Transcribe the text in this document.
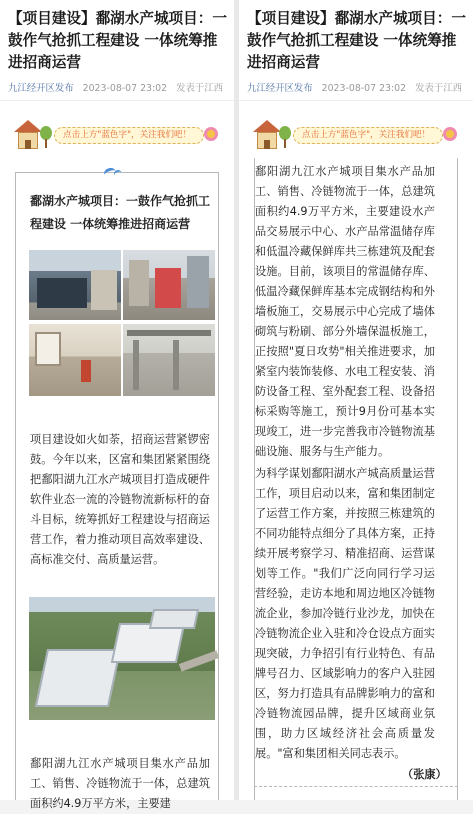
【项目建设】鄱湖水产城项目：一鼓作气抢抓工程建设 一体统筹推进招商运营
九江经开区发布 2023-08-07 23:02 发表于江西
点击上方"蓝色字"，关注我们吧！
鄱湖水产城项目：一鼓作气抢抓工程建设 一体统筹推进招商运营
项目建设如火如荼，招商运营紧锣密鼓。今年以来，区富和集团紧紧围绕把鄱阳湖九江水产城项目打造成硬件软件业态一流的冷链物流新标杆的奋斗目标，统筹抓好工程建设与招商运营工作，着力推动项目高效率建设、高标准交付、高质量运营。
鄱阳湖九江水产城项目集水产品加工、销售、冷链物流于一体，总建筑面积约4.9万平方米，主要建
【项目建设】鄱湖水产城项目：一鼓作气抢抓工程建设 一体统筹推进招商运营
九江经开区发布 2023-08-07 23:02 发表于江西
点击上方"蓝色字"，关注我们吧！
鄱阳湖九江水产城项目集水产品加工、销售、冷链物流于一体，总建筑面积约4.9万平方米，主要建设水产品交易展示中心、水产品常温储存库和低温冷藏保鲜库共三栋建筑及配套设施。目前，该项目的常温储存库、低温冷藏保鲜库基本完成钢结构和外墙板施工，交易展示中心完成了墙体砌筑与粉刷、部分外墙保温板施工，正按照"夏日攻势"相关推进要求，加紧室内装饰装修、水电工程安装、消防设备工程、室外配套工程、设备招标采购等施工，预计9月份可基本实现竣工，进一步完善我市冷链物流基础设施、服务与生产能力。
为科学谋划鄱阳湖水产城高质量运营工作，项目启动以来，富和集团制定了运营工作方案，并按照三栋建筑的不同功能特点细分了具体方案，正持续开展考察学习、精准招商、运营谋划等工作。"我们广泛向同行学习运营经验，走访本地和周边地区冷链物流企业，参加冷链行业沙龙，加快在冷链物流企业入驻和冷仓设点方面实现突破，力争招引有行业特色、有品牌号召力、区域影响力的客户入驻园区，努力打造具有品牌影响力的富和冷链物流园品牌，提升区域商业氛围，助力区域经济社会高质量发展。"富和集团相关同志表示。
（张康）
